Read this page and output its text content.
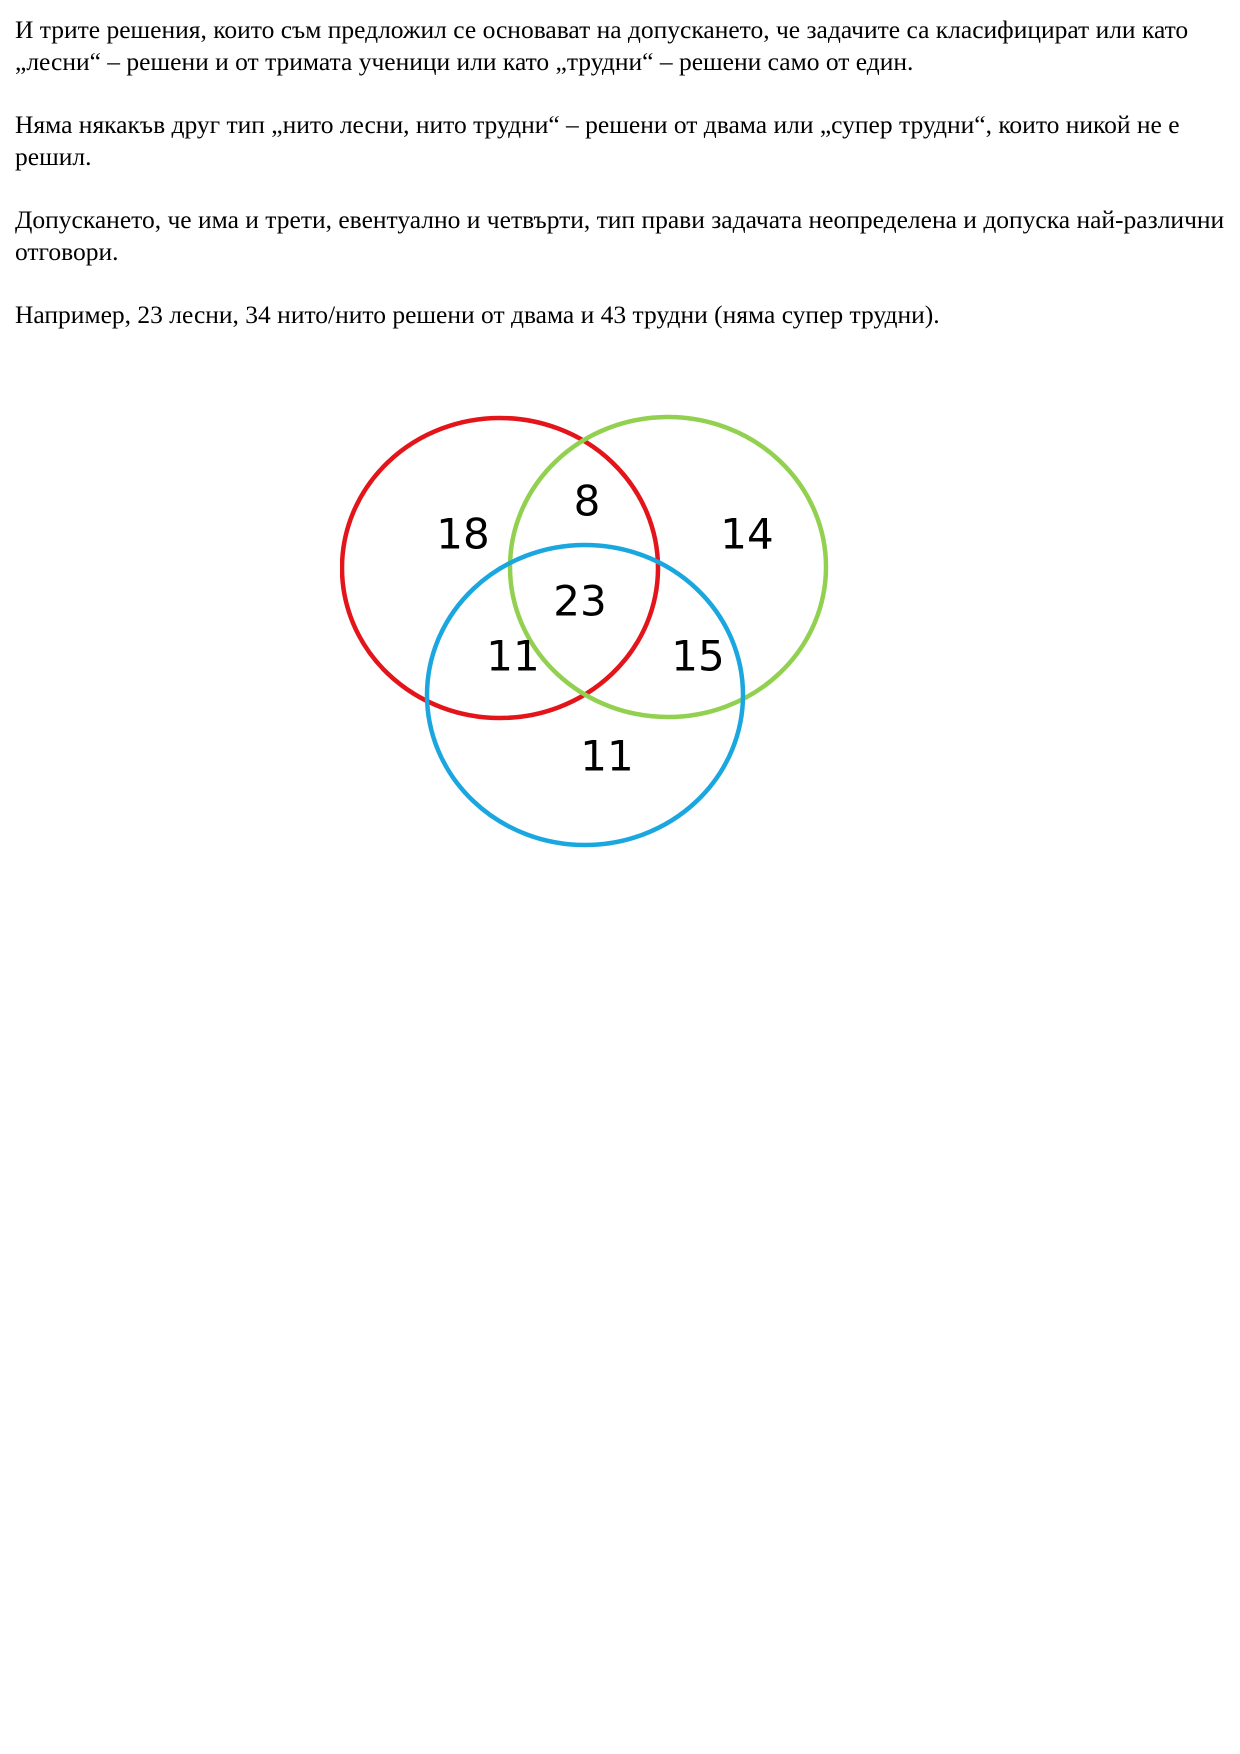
И трите решения, които съм предложил се основават на допускането, че задачите са класифицират или като „лесни“ – решени и от тримата ученици или като „трудни“ – решени само от един.

Няма някакъв друг тип „нито лесни, нито трудни“ – решени от двама или „супер трудни“, които никой не е решил.

Допускането, че има и трети, евентуално и четвърти, тип прави задачата неопределена и допуска най-различни отговори.

Например, 23 лесни, 34 нито/нито решени от двама и 43 трудни (няма супер трудни).

18
8
14
23
11	15
11
